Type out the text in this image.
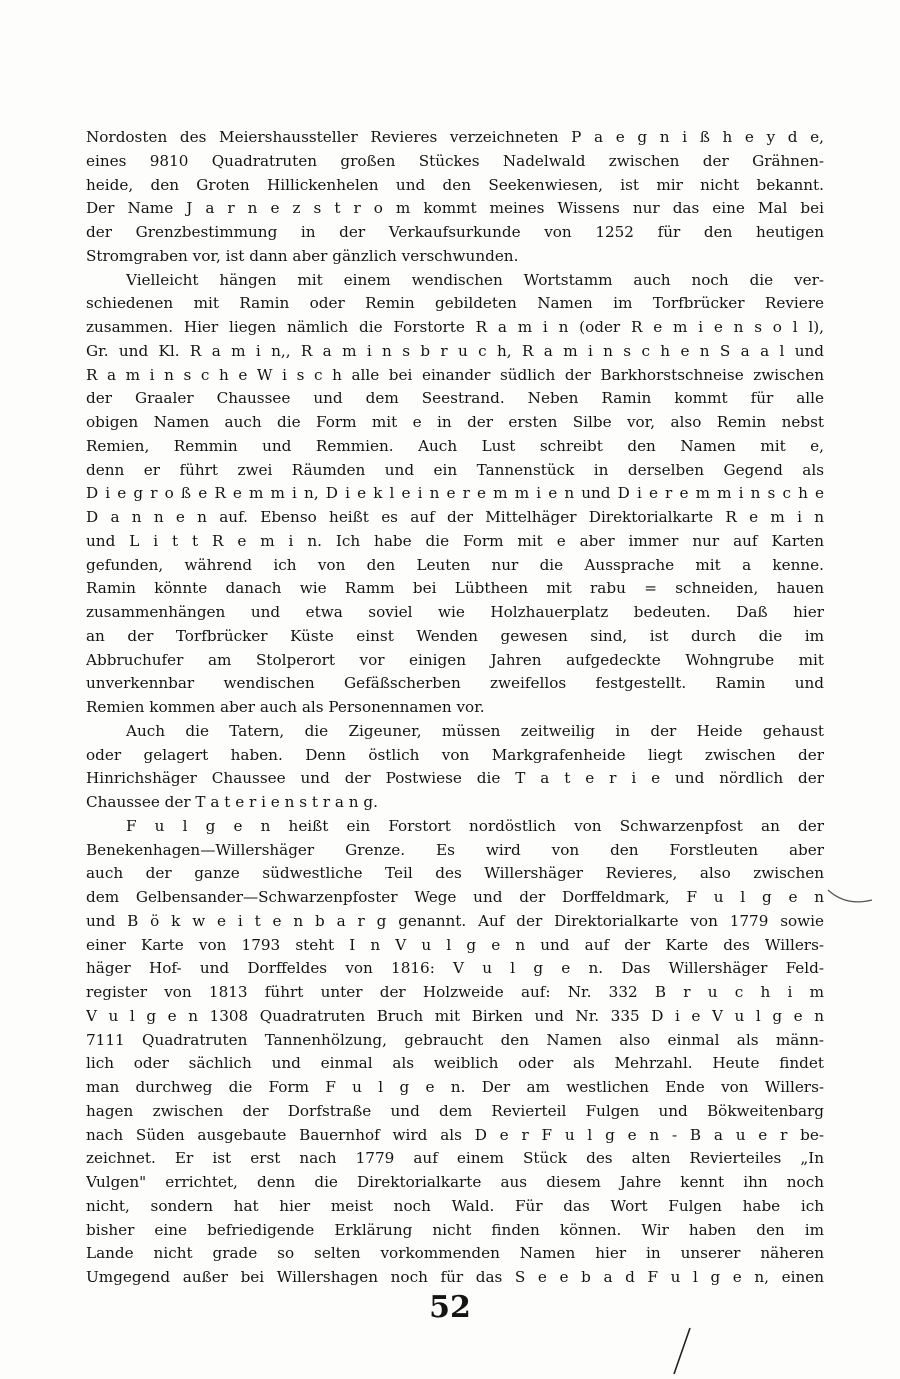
Nordosten des Meiershausstellеr Revieres verzeichneten P a e g n i ß h e y d e,
eines 9810 Quadratruten großen Stückes Nadelwald zwischen der Grähnen-
heide, den Groten Hillickenhelen und den Seekenwiesen, ist mir nicht bekannt.
Der Name J a r n e z s t r o m kommt meines Wissens nur das eine Mal bei
der Grenzbestimmung in der Verkaufsurkunde von 1252 für den heutigen
Stromgraben vor, ist dann aber gänzlich verschwunden.
Vielleicht hängen mit einem wendischen Wortstamm auch noch die ver-
schiedenen mit Ramin oder Remin gebildeten Namen im Torfbrücker Reviere
zusammen. Hier liegen nämlich die Forstorte R a m i n (oder R e m i e n s o l l),
Gr. und Kl. R a m i n,, R a m i n s b r u c h, R a m i n s c h e n S a a l und
R a m i n s c h e W i s c h alle bei einander südlich der Barkhorstschneise zwischen
der Graaler Chaussee und dem Seestrand. Neben Ramin kommt für alle
obigen Namen auch die Form mit e in der ersten Silbe vor, also Remin nebst
Remien, Remmin und Remmien. Auch Lust schreibt den Namen mit e,
denn er führt zwei Räumden und ein Tannenstück in derselben Gegend als
D i e g r o ß e R e m m i n, D i e k l e i n e r e m m i e n und D i e r e m m i n s c h e
D a n n e n auf. Ebenso heißt es auf der Mittelhäger Direktorialkarte R e m i n
und L i t t R e m i n. Ich habe die Form mit e aber immer nur auf Karten
gefunden, während ich von den Leuten nur die Aussprache mit a kenne.
Ramin könnte danach wie Ramm bei Lübtheen mit rabu = schneiden, hauen
zusammenhängen und etwa soviel wie Holzhauerplatz bedeuten. Daß hier
an der Torfbrücker Küste einst Wenden gewesen sind, ist durch die im
Abbruchufer am Stolperort vor einigen Jahren aufgedeckte Wohngrube mit
unverkennbar wendischen Gefäßscherben zweifellos festgestellt. Ramin und
Remien kommen aber auch als Personennamen vor.
Auch die Tatern, die Zigeuner, müssen zeitweilig in der Heide gehaust
oder gelagert haben. Denn östlich von Markgrafenheide liegt zwischen der
Hinrichshäger Chaussee und der Postwiese die T a t e r i e und nördlich der
Chaussee der T a t e r i e n s t r a n g.
F u l g e n heißt ein Forstort nordöstlich von Schwarzenpfost an der
Benekenhagen—Willershäger Grenze. Es wird von den Forstleuten aber
auch der ganze südwestliche Teil des Willershäger Revieres, also zwischen
dem Gelbensander—Schwarzenpfoster Wege und der Dorffeldmark, F u l g e n
und B ö k w e i t e n b a r g genannt. Auf der Direktorialkarte von 1779 sowie
einer Karte von 1793 steht I n V u l g e n und auf der Karte des Willers-
häger Hof- und Dorffeldes von 1816: V u l g e n. Das Willershäger Feld-
register von 1813 führt unter der Holzweide auf: Nr. 332 B r u c h i m
V u l g e n 1308 Quadratruten Bruch mit Birken und Nr. 335 D i e V u l g e n
7111 Quadratruten Tannenhölzung, gebraucht den Namen also einmal als männ-
lich oder sächlich und einmal als weiblich oder als Mehrzahl. Heute findet
man durchweg die Form F u l g e n. Der am westlichen Ende von Willers-
hagen zwischen der Dorfstraße und dem Revierteil Fulgen und Bökweitenbarg
nach Süden ausgebaute Bauernhof wird als D e r F u l g e n - B a u e r be-
zeichnet. Er ist erst nach 1779 auf einem Stück des alten Revierteiles „In
Vulgen" errichtet, denn die Direktorialkarte aus diesem Jahre kennt ihn noch
nicht, sondern hat hier meist noch Wald. Für das Wort Fulgen habe ich
bisher eine befriedigende Erklärung nicht finden können. Wir haben den im
Lande nicht grade so selten vorkommenden Namen hier in unserer näheren
Umgegend außer bei Willershagen noch für das S e e b a d F u l g e n, einen
52
